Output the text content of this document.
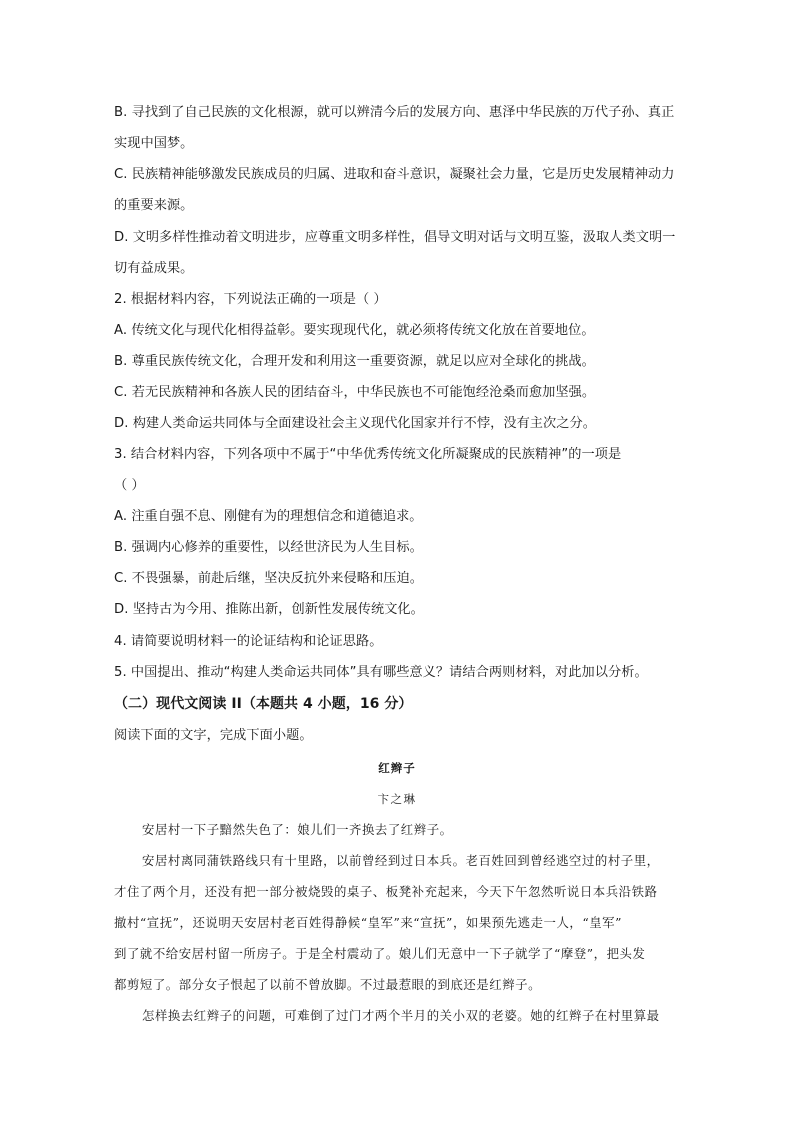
B. 寻找到了自己民族的文化根源，就可以辨清今后的发展方向、惠泽中华民族的万代子孙、真正
实现中国梦。
C. 民族精神能够激发民族成员的归属、进取和奋斗意识，凝聚社会力量，它是历史发展精神动力
的重要来源。
D. 文明多样性推动着文明进步，应尊重文明多样性，倡导文明对话与文明互鉴，汲取人类文明一
切有益成果。
2. 根据材料内容，下列说法正确的一项是（ ）
A. 传统文化与现代化相得益彰。要实现现代化，就必须将传统文化放在首要地位。
B. 尊重民族传统文化，合理开发和利用这一重要资源，就足以应对全球化的挑战。
C. 若无民族精神和各族人民的团结奋斗，中华民族也不可能饱经沧桑而愈加坚强。
D. 构建人类命运共同体与全面建设社会主义现代化国家并行不悖，没有主次之分。
3. 结合材料内容，下列各项中不属于“中华优秀传统文化所凝聚成的民族精神”的一项是
（ ）
A. 注重自强不息、刚健有为的理想信念和道德追求。
B. 强调内心修养的重要性，以经世济民为人生目标。
C. 不畏强暴，前赴后继，坚决反抗外来侵略和压迫。
D. 坚持古为今用、推陈出新，创新性发展传统文化。
4. 请简要说明材料一的论证结构和论证思路。
5. 中国提出、推动“构建人类命运共同体”具有哪些意义？请结合两则材料，对此加以分析。
（二）现代文阅读 II（本题共 4 小题，16 分）
阅读下面的文字，完成下面小题。
红辫子
卞之琳
安居村一下子黯然失色了：娘儿们一齐换去了红辫子。
安居村离同蒲铁路线只有十里路，以前曾经到过日本兵。老百姓回到曾经逃空过的村子里，
才住了两个月，还没有把一部分被烧毁的桌子、板凳补充起来，今天下午忽然听说日本兵沿铁路
撤村“宣抚”，还说明天安居村老百姓得静候“皇军”来“宣抚”，如果预先逃走一人，“皇军”
到了就不给安居村留一所房子。于是全村震动了。娘儿们无意中一下子就学了“摩登”，把头发
都剪短了。部分女子恨起了以前不曾放脚。不过最惹眼的到底还是红辫子。
怎样换去红辫子的问题，可难倒了过门才两个半月的关小双的老婆。她的红辫子在村里算最
